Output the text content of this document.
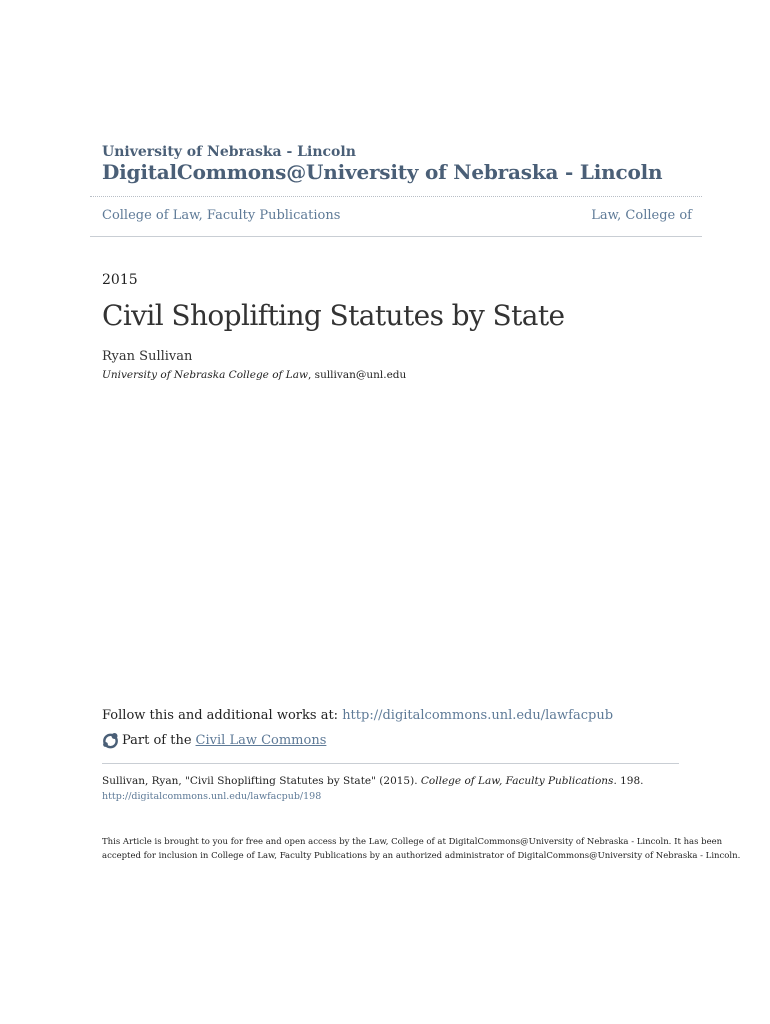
University of Nebraska - Lincoln
DigitalCommons@University of Nebraska - Lincoln
College of Law, Faculty Publications	Law, College of
2015
Civil Shoplifting Statutes by State
Ryan Sullivan
University of Nebraska College of Law, sullivan@unl.edu
Follow this and additional works at: http://digitalcommons.unl.edu/lawfacpub
Part of the Civil Law Commons
Sullivan, Ryan, "Civil Shoplifting Statutes by State" (2015). College of Law, Faculty Publications. 198.
http://digitalcommons.unl.edu/lawfacpub/198
This Article is brought to you for free and open access by the Law, College of at DigitalCommons@University of Nebraska - Lincoln. It has been
accepted for inclusion in College of Law, Faculty Publications by an authorized administrator of DigitalCommons@University of Nebraska - Lincoln.
